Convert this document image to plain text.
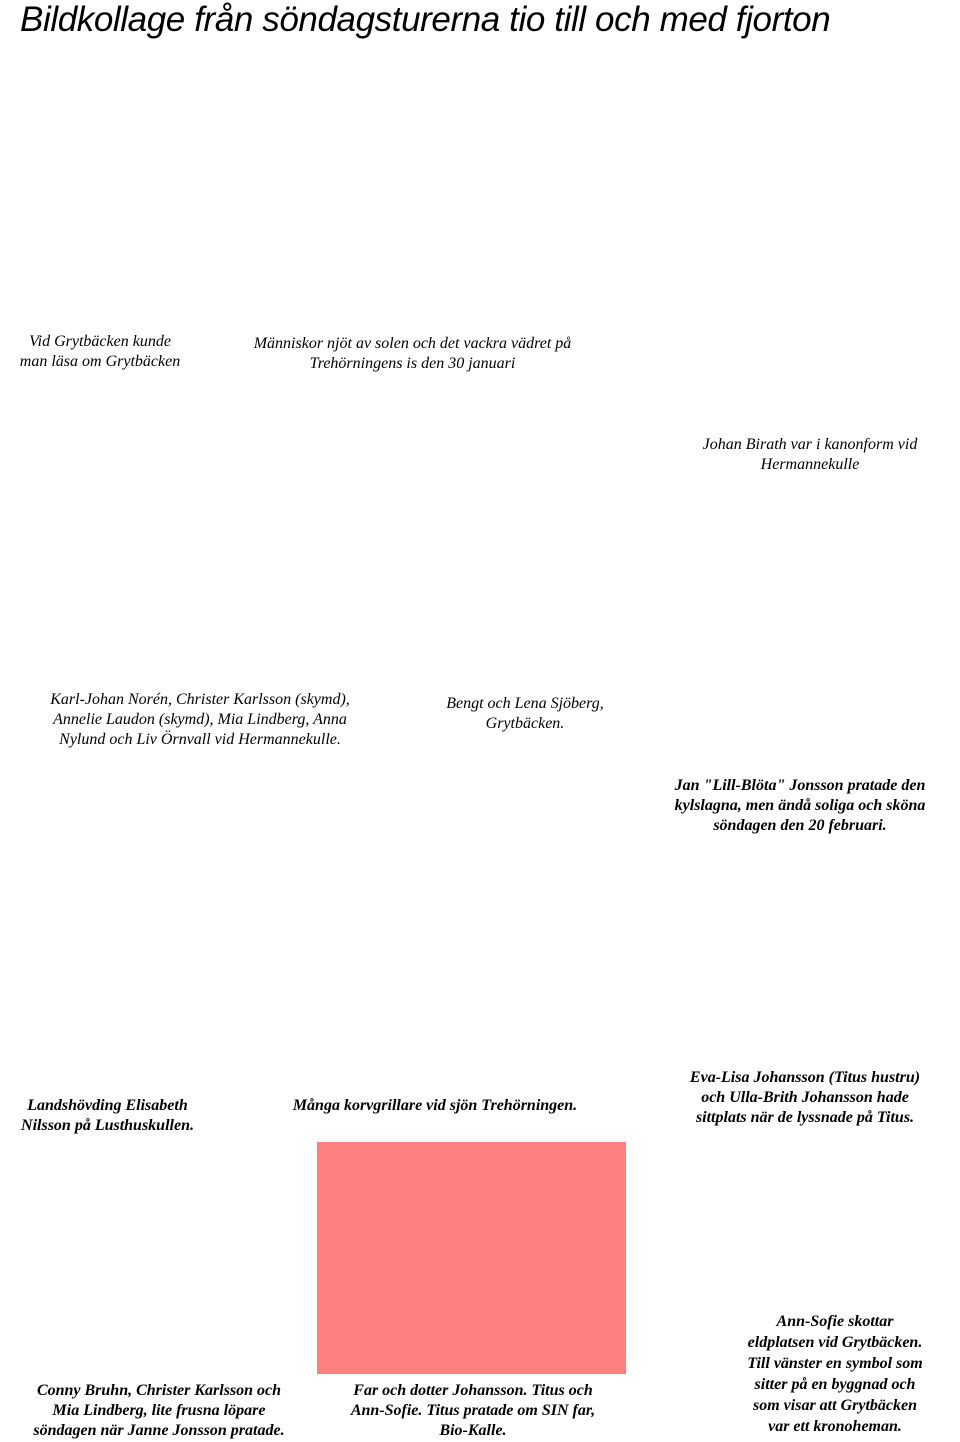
Bildkollage från söndagsturerna tio till och med fjorton
Vid Grytbäcken kunde
man läsa om Grytbäcken
Människor njöt av solen och det vackra vädret på
Trehörningens is den 30 januari
Johan Birath var i kanonform vid
Hermannekulle
Karl-Johan Norén, Christer Karlsson (skymd),
Annelie Laudon (skymd), Mia Lindberg, Anna
Nylund och Liv Örnvall vid Hermannekulle.
Bengt och Lena Sjöberg,
Grytbäcken.
Jan "Lill-Blöta" Jonsson pratade den
kylslagna, men ändå soliga och sköna
söndagen den 20 februari.
Landshövding Elisabeth
Nilsson på Lusthuskullen.
Många korvgrillare vid sjön Trehörningen.
Eva-Lisa Johansson (Titus hustru)
och Ulla-Brith Johansson hade
sittplats när de lyssnade på Titus.
Conny Bruhn, Christer Karlsson och
Mia Lindberg, lite frusna löpare
söndagen när Janne Jonsson pratade.
Far och dotter Johansson. Titus och
Ann-Sofie. Titus pratade om SIN far,
Bio-Kalle.
Ann-Sofie skottar
eldplatsen vid Grytbäcken.
Till vänster en symbol som
sitter på en byggnad och
som visar att Grytbäcken
var ett kronoheman.
